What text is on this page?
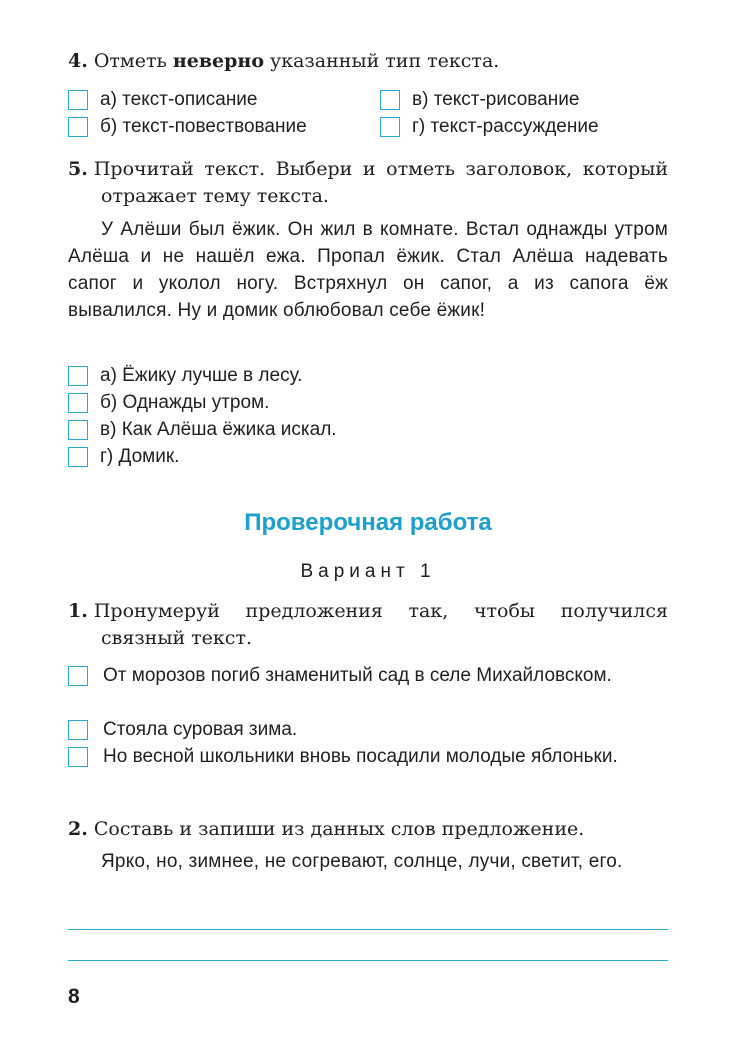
4. Отметь неверно указанный тип текста.
а) текст-описание	в) текст-рисование
б) текст-повествование	г) текст-рассуждение
5. Прочитай текст. Выбери и отметь заголовок, который отражает тему текста.
У Алёши был ёжик. Он жил в комнате. Встал однажды утром Алёша и не нашёл ежа. Пропал ёжик. Стал Алёша надевать сапог и уколол ногу. Встряхнул он сапог, а из сапога ёж вывалился. Ну и домик облюбовал себе ёжик!
а) Ёжику лучше в лесу.
б) Однажды утром.
в) Как Алёша ёжика искал.
г) Домик.
Проверочная работа
Вариант 1
1. Пронумеруй предложения так, чтобы получился связный текст.
От морозов погиб знаменитый сад в селе Михайловском.
Стояла суровая зима.
Но весной школьники вновь посадили молодые яблоньки.
2. Составь и запиши из данных слов предложение.
Ярко, но, зимнее, не согревают, солнце, лучи, светит, его.
8
